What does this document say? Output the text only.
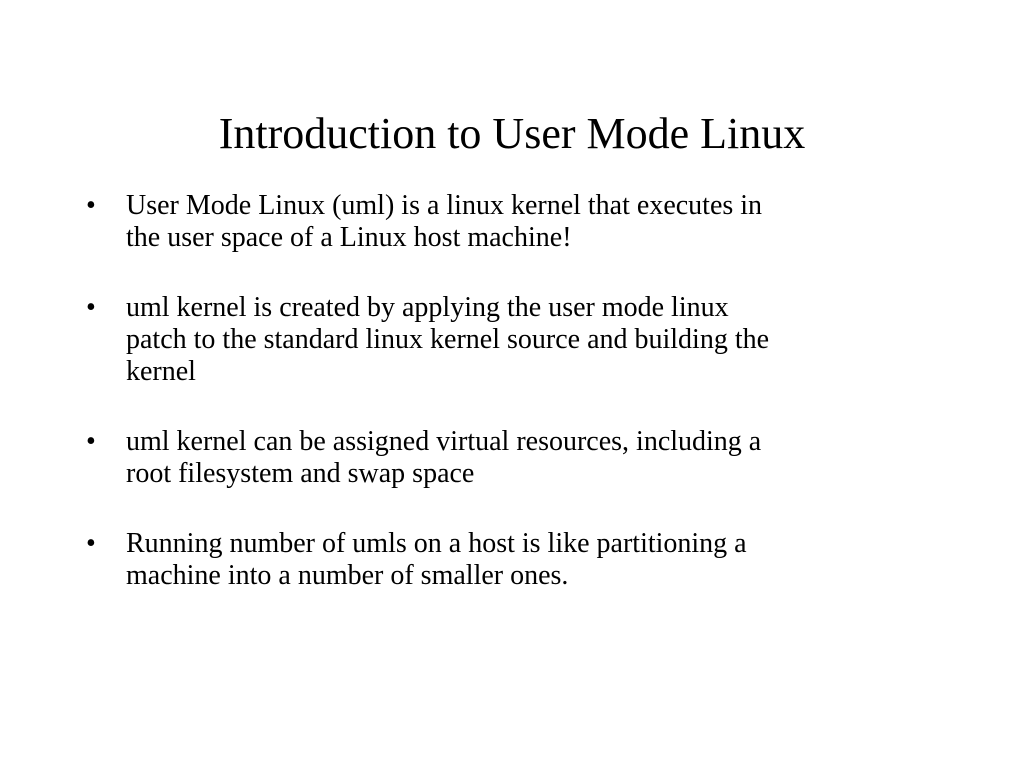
Introduction to User Mode Linux
•	User Mode Linux (uml) is a linux kernel that executes in
the user space of a Linux host machine!
•	uml kernel is created by applying the user mode linux
patch to the standard linux kernel source and building the
kernel
•	uml kernel can be assigned virtual resources, including a
root filesystem and swap space
•	Running number of umls on a host is like partitioning a
machine into a number of smaller ones.
